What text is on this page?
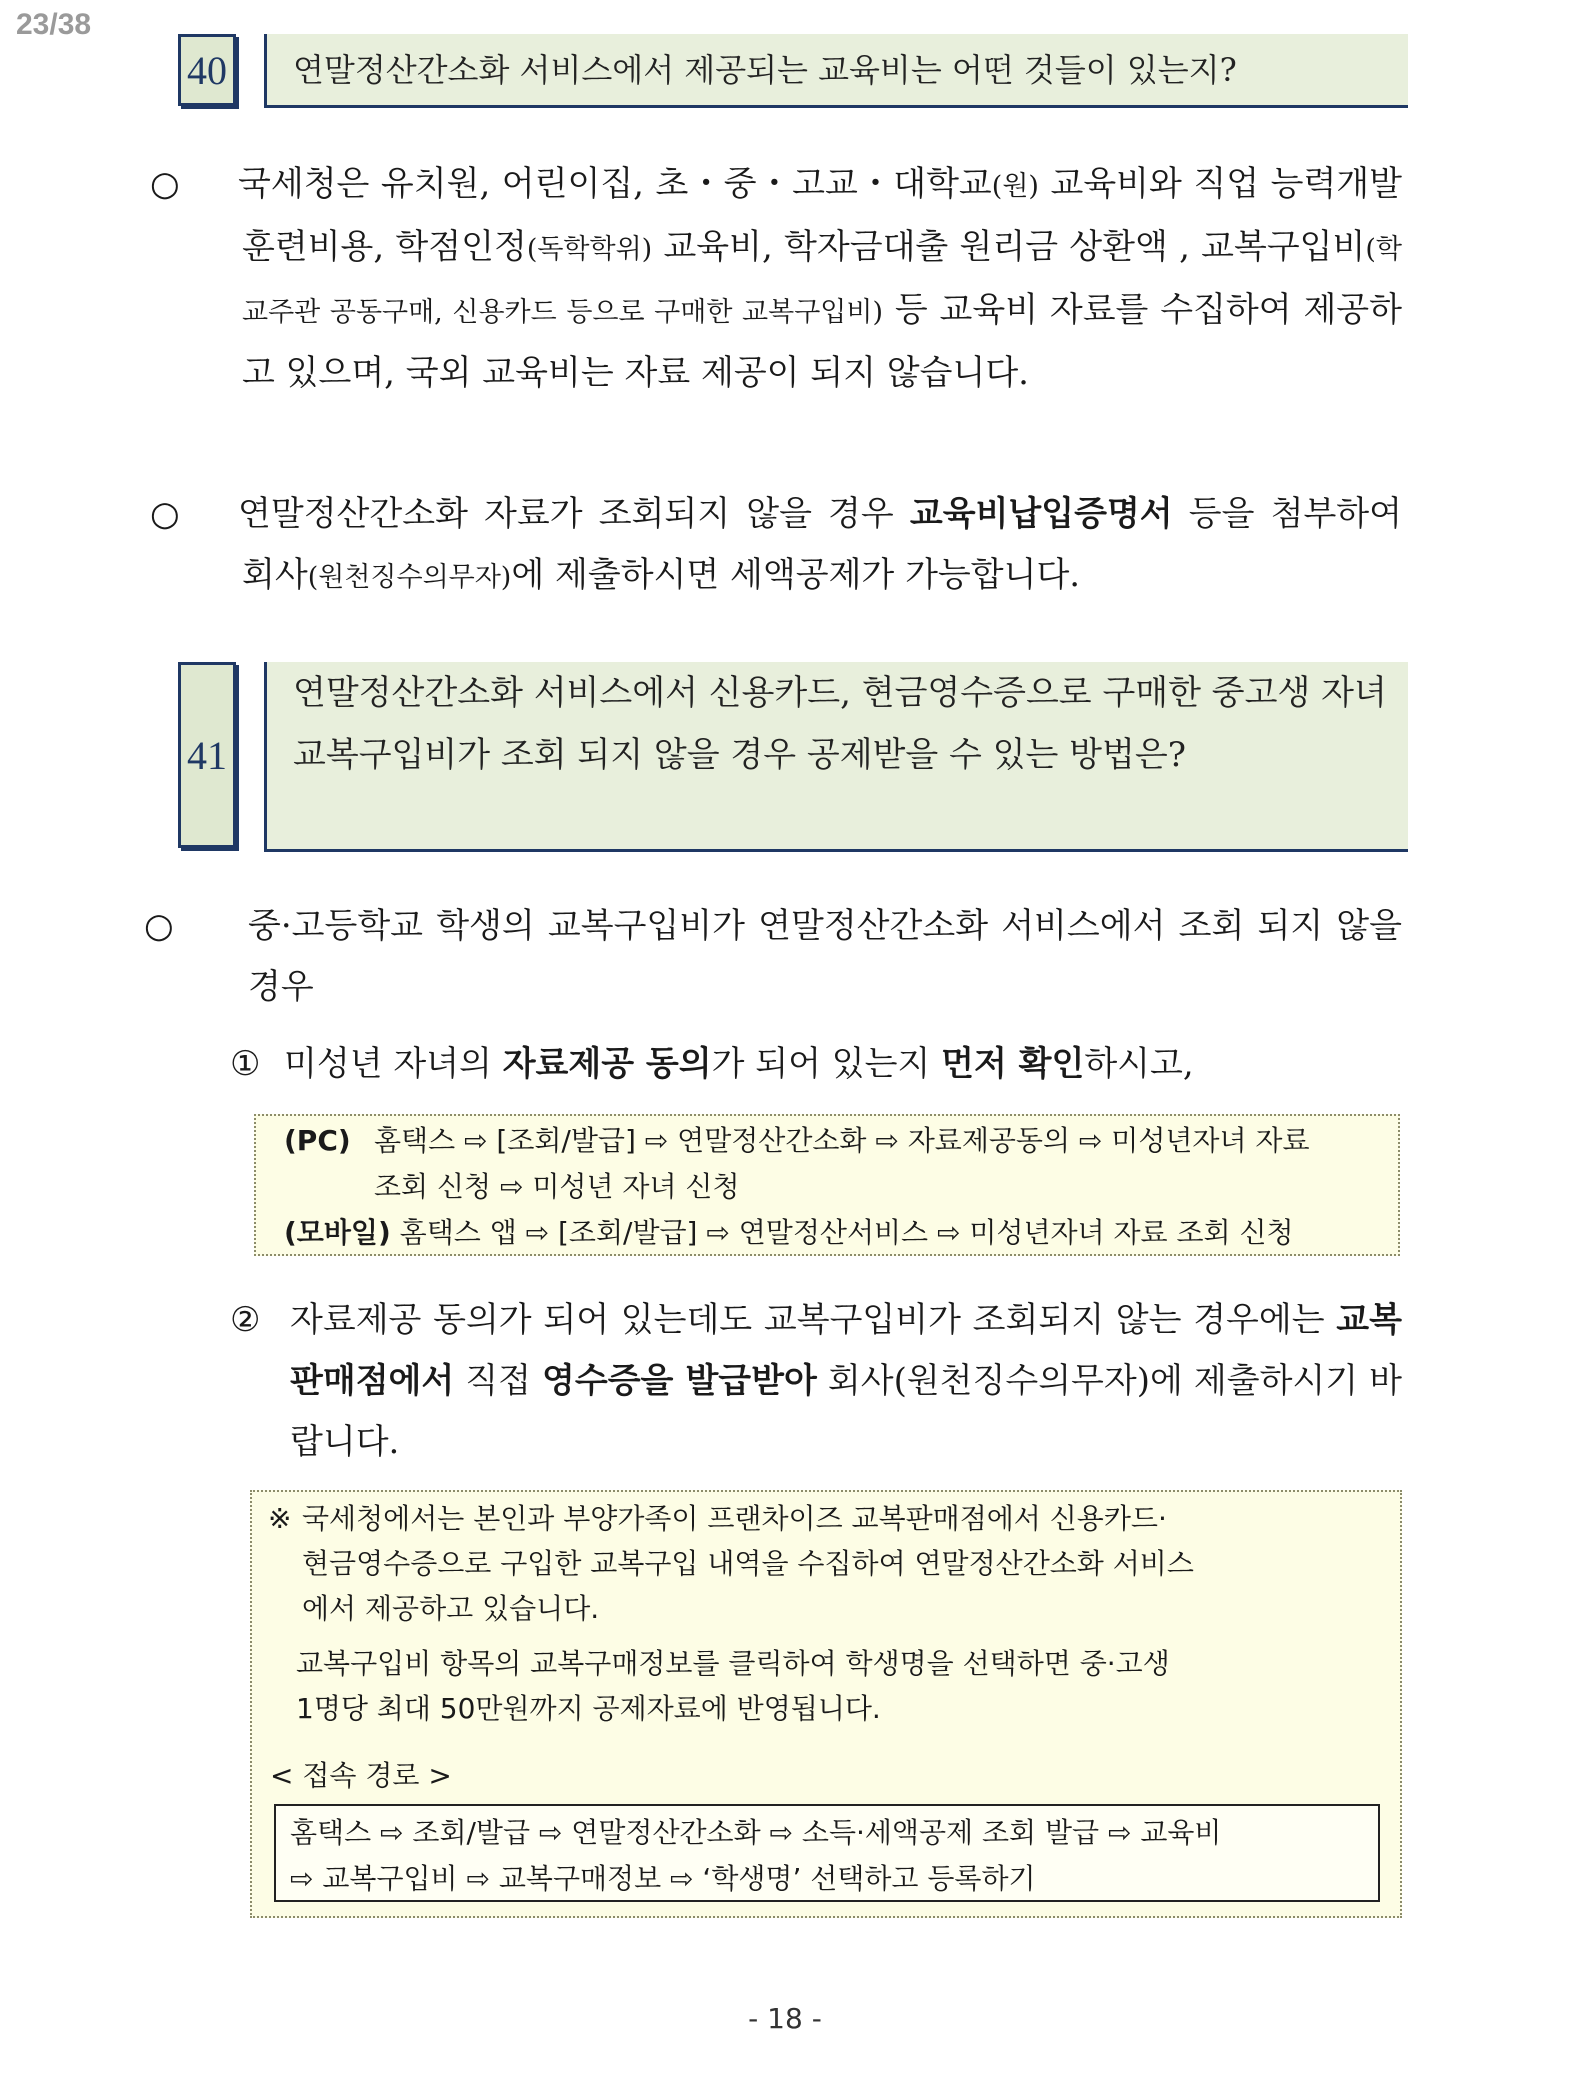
23/38
40	연말정산간소화 서비스에서 제공되는 교육비는 어떤 것들이 있는지?
○ 국세청은 유치원, 어린이집, 초・중・고교・대학교(원) 교육비와 직업 능력개발훈련비용, 학점인정(독학학위) 교육비, 학자금대출 원리금 상환액 , 교복구입비(학교주관 공동구매, 신용카드 등으로 구매한 교복구입비) 등 교육비 자료를 수집하여 제공하고 있으며, 국외 교육비는 자료 제공이 되지 않습니다.
○ 연말정산간소화 자료가 조회되지 않을 경우 교육비납입증명서 등을 첨부하여 회사(원천징수의무자)에 제출하시면 세액공제가 가능합니다.
41
연말정산간소화 서비스에서 신용카드, 현금영수증으로 구매한 중고생 자녀 교복구입비가 조회 되지 않을 경우 공제받을 수 있는 방법은?
○ 중·고등학교 학생의 교복구입비가 연말정산간소화 서비스에서 조회 되지 않을 경우
① 미성년 자녀의 자료제공 동의가 되어 있는지 먼저 확인하시고,
(PC) 홈택스 ⇨ [조회/발급] ⇨ 연말정산간소화 ⇨ 자료제공동의 ⇨ 미성년자녀 자료
조회 신청 ⇨ 미성년 자녀 신청
(모바일) 홈택스 앱 ⇨ [조회/발급] ⇨ 연말정산서비스 ⇨ 미성년자녀 자료 조회 신청
② 자료제공 동의가 되어 있는데도 교복구입비가 조회되지 않는 경우에는 교복판매점에서 직접 영수증을 발급받아 회사(원천징수의무자)에 제출하시기 바랍니다.
※ 국세청에서는 본인과 부양가족이 프랜차이즈 교복판매점에서 신용카드·
현금영수증으로 구입한 교복구입 내역을 수집하여 연말정산간소화 서비스
에서 제공하고 있습니다.
교복구입비 항목의 교복구매정보를 클릭하여 학생명을 선택하면 중·고생
1명당 최대 50만원까지 공제자료에 반영됩니다.
< 접속 경로 >
홈택스 ⇨ 조회/발급 ⇨ 연말정산간소화 ⇨ 소득·세액공제 조회 발급 ⇨ 교육비
⇨ 교복구입비 ⇨ 교복구매정보 ⇨ ‘학생명’ 선택하고 등록하기
- 18 -
